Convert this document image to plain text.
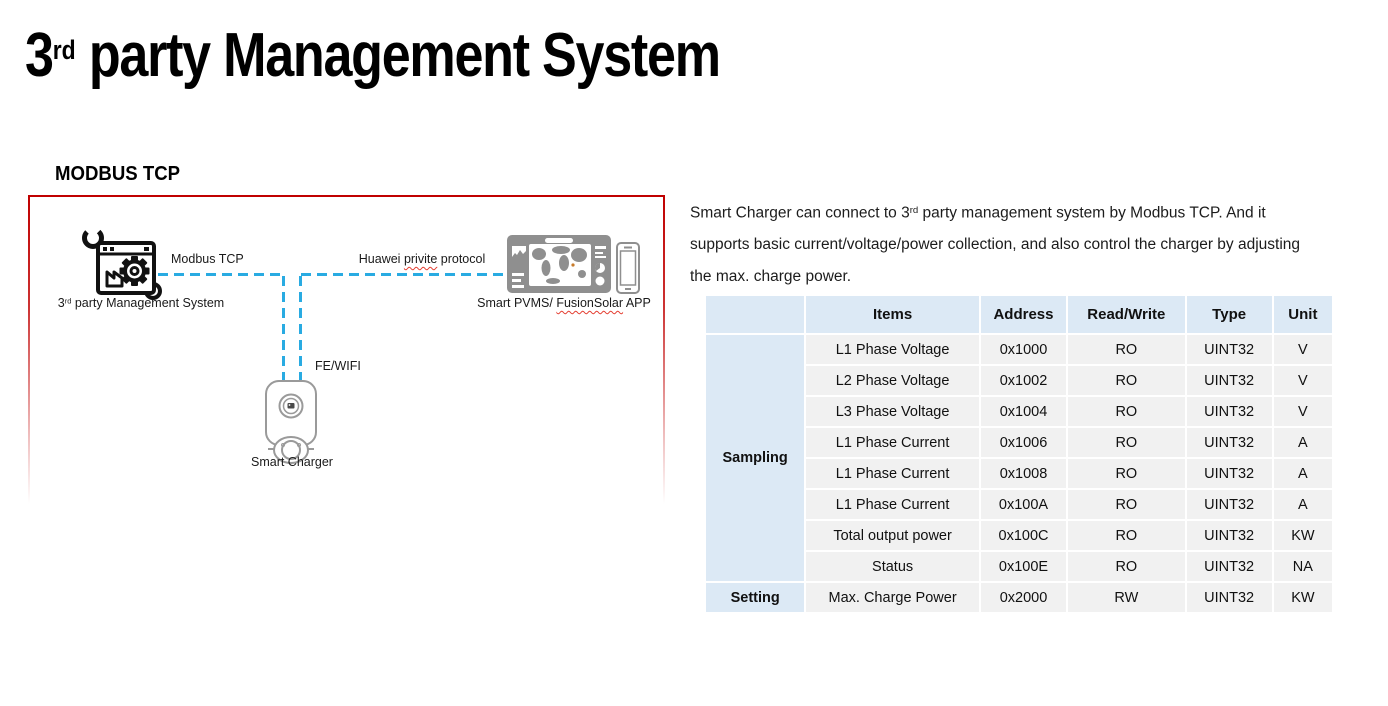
3rd party Management System
MODBUS TCP
3rd party Management System
Modbus TCP	Huawei privite protocol
Smart PVMS/ FusionSolar APP
FE/WIFI
Smart Charger

Smart Charger can connect to 3rd party management system by Modbus TCP. And it
supports basic current/voltage/power collection, and also control the charger by adjusting
the max. charge power.

	Items	Address	Read/Write	Type	Unit
Sampling	L1 Phase Voltage	0x1000	RO	UINT32	V
	L2 Phase Voltage	0x1002	RO	UINT32	V
	L3 Phase Voltage	0x1004	RO	UINT32	V
	L1 Phase Current	0x1006	RO	UINT32	A
	L1 Phase Current	0x1008	RO	UINT32	A
	L1 Phase Current	0x100A	RO	UINT32	A
	Total output power	0x100C	RO	UINT32	KW
	Status	0x100E	RO	UINT32	NA
Setting	Max. Charge Power	0x2000	RW	UINT32	KW
